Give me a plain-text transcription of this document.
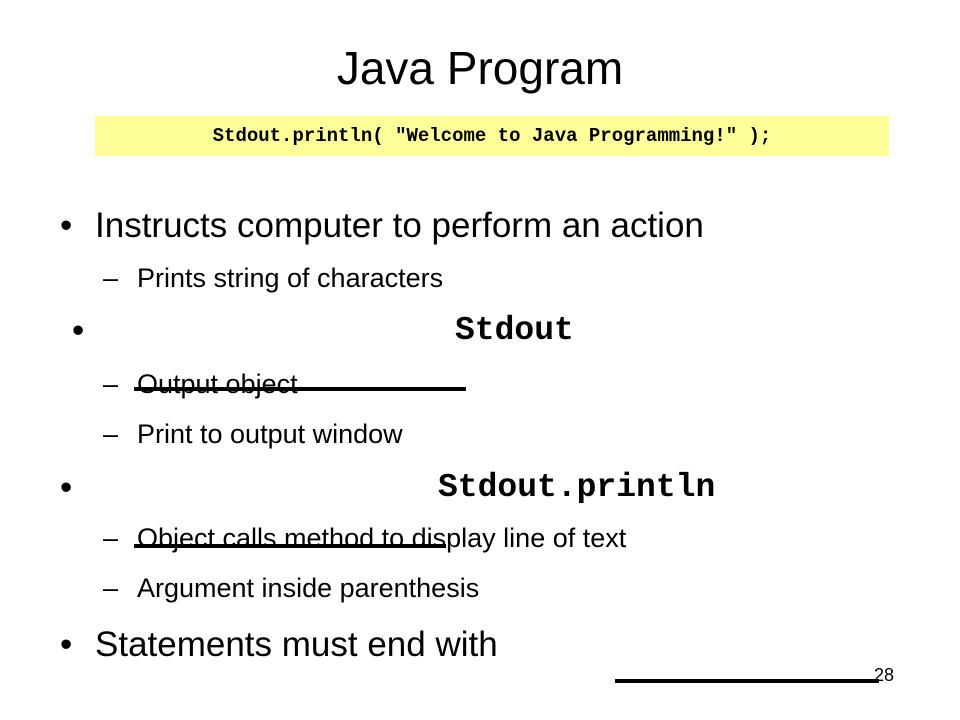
Java Program
Stdout.println( "Welcome to Java Programming!" );
• Instructs computer to perform an action
– Prints string of characters
•

	Stdout
– Output object
– Print to output window
•

	Stdout.println
– Object calls method to display line of text
– Argument inside parenthesis
• Statements must end with

28
